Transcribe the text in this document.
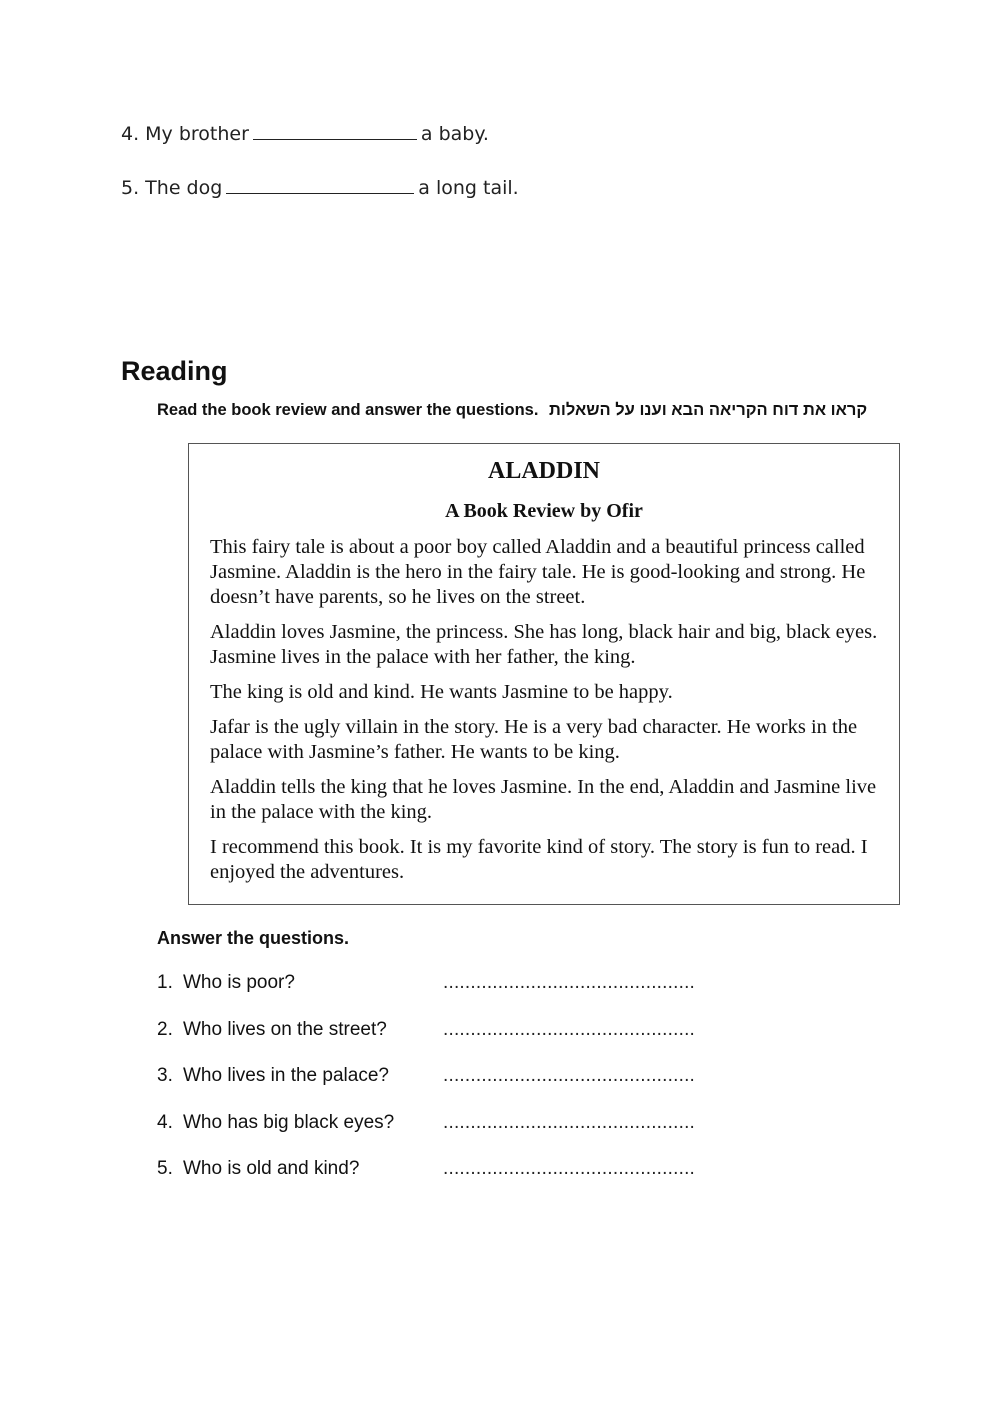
4. My brother	a baby.
5. The dog	a long tail.
Reading
Read the book review and answer the questions. קראו את דוח הקריאה הבא וענו על השאלות
ALADDIN
A Book Review by Ofir

This fairy tale is about a poor boy called Aladdin and a beautiful princess called Jasmine. Aladdin is the hero in the fairy tale. He is good-looking and strong. He doesn’t have parents, so he lives on the street.

Aladdin loves Jasmine, the princess. She has long, black hair and big, black eyes. Jasmine lives in the palace with her father, the king.

The king is old and kind. He wants Jasmine to be happy.

Jafar is the ugly villain in the story. He is a very bad character. He works in the palace with Jasmine’s father. He wants to be king.

Aladdin tells the king that he loves Jasmine. In the end, Aladdin and Jasmine live in the palace with the king.

I recommend this book. It is my favorite kind of story. The story is fun to read. I enjoyed the adventures.

Answer the questions.
1. Who is poor?	..............................................
2. Who lives on the street?	..............................................
3. Who lives in the palace?	..............................................
4. Who has big black eyes?	..............................................
5. Who is old and kind?	..............................................
